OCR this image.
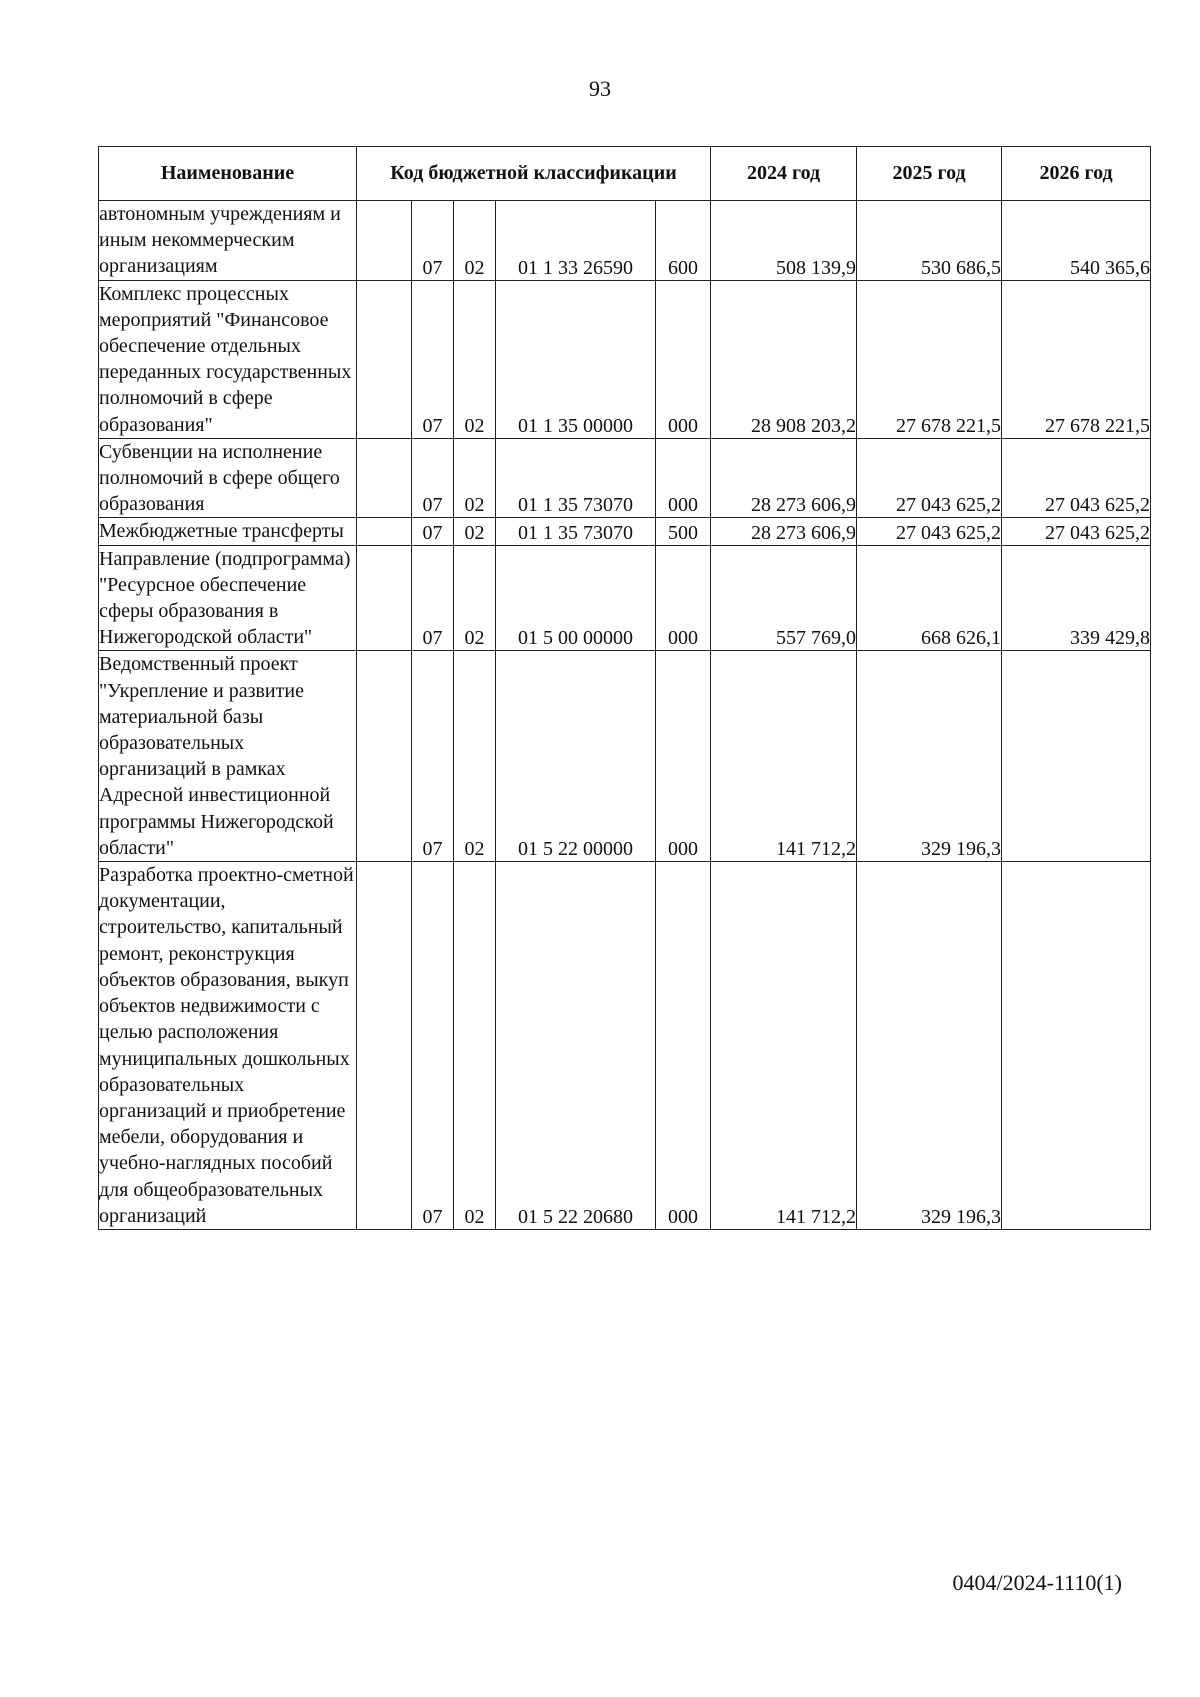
93
Наименование	Код бюджетной классификации					2024 год	2025 год	2026 год
автономным учреждениям и иным некоммерческим организациям		07	02	01 1 33 26590	600	508 139,9	530 686,5	540 365,6
Комплекс процессных мероприятий "Финансовое обеспечение отдельных переданных государственных полномочий в сфере образования"		07	02	01 1 35 00000	000	28 908 203,2	27 678 221,5	27 678 221,5
Субвенции на исполнение полномочий в сфере общего образования		07	02	01 1 35 73070	000	28 273 606,9	27 043 625,2	27 043 625,2
Межбюджетные трансферты		07	02	01 1 35 73070	500	28 273 606,9	27 043 625,2	27 043 625,2
Направление (подпрограмма) "Ресурсное обеспечение сферы образования в Нижегородской области"		07	02	01 5 00 00000	000	557 769,0	668 626,1	339 429,8
Ведомственный проект "Укрепление и развитие материальной базы образовательных организаций в рамках Адресной инвестиционной программы Нижегородской области"		07	02	01 5 22 00000	000	141 712,2	329 196,3	
Разработка проектно-сметной документации, строительство, капитальный ремонт, реконструкция объектов образования, выкуп объектов недвижимости с целью расположения муниципальных дошкольных образовательных организаций и приобретение мебели, оборудования и учебно-наглядных пособий для общеобразовательных организаций		07	02	01 5 22 20680	000	141 712,2	329 196,3	
0404/2024-1110(1)
